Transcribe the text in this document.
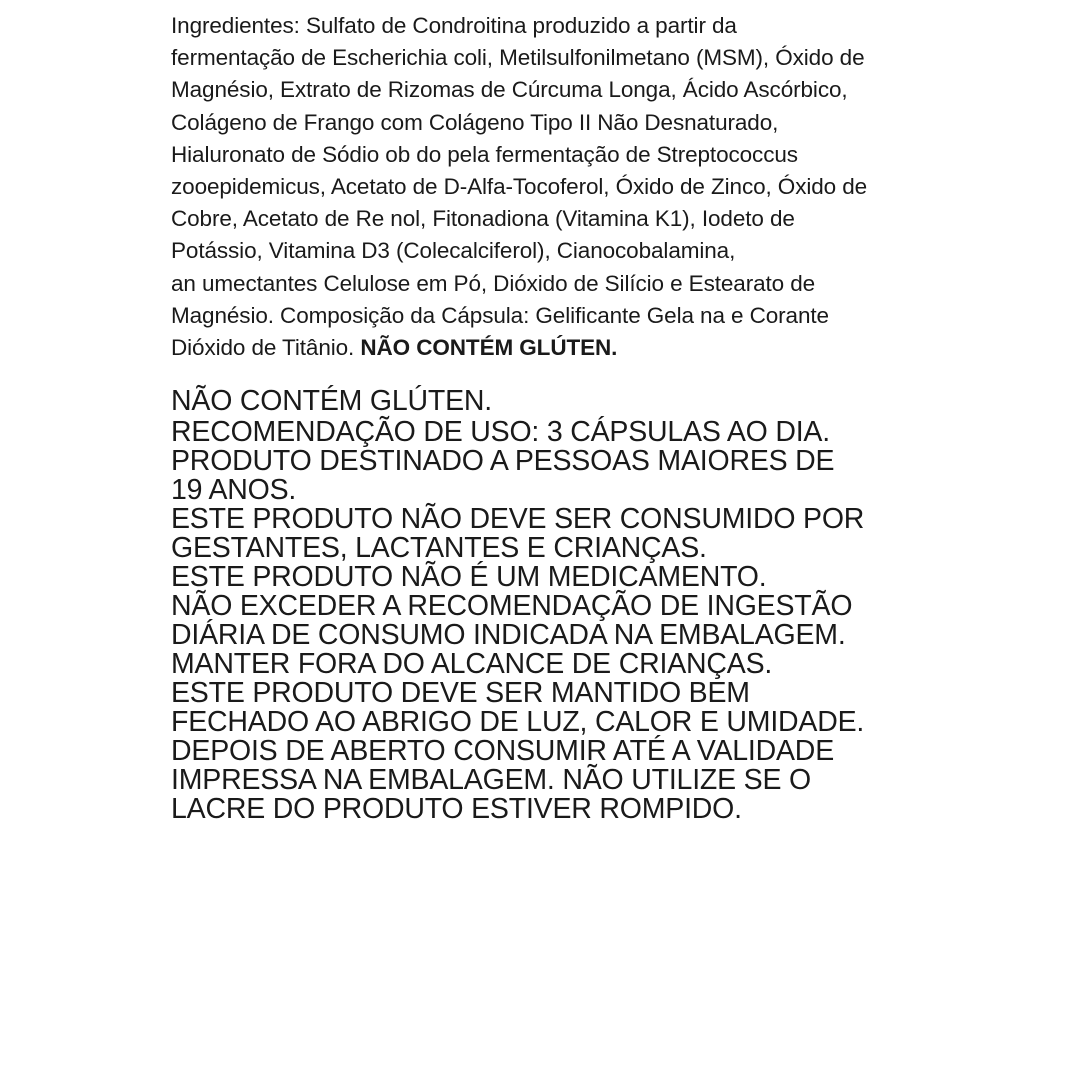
Ingredientes: Sulfato de Condroitina produzido a partir da
fermentação de Escherichia coli, Metilsulfonilmetano (MSM), Óxido de
Magnésio, Extrato de Rizomas de Cúrcuma Longa, Ácido Ascórbico,
Colágeno de Frango com Colágeno Tipo II Não Desnaturado,
Hialuronato de Sódio ob do pela fermentação de Streptococcus
zooepidemicus, Acetato de D-Alfa-Tocoferol, Óxido de Zinco, Óxido de
Cobre, Acetato de Re nol, Fitonadiona (Vitamina K1), Iodeto de
Potássio, Vitamina D3 (Colecalciferol), Cianocobalamina,
an umectantes Celulose em Pó, Dióxido de Silício e Estearato de
Magnésio. Composição da Cápsula: Gelificante Gela na e Corante
Dióxido de Titânio. NÃO CONTÉM GLÚTEN.
NÃO CONTÉM GLÚTEN.
RECOMENDAÇÃO DE USO: 3 CÁPSULAS AO DIA.
PRODUTO DESTINADO A PESSOAS MAIORES DE
19 ANOS.
ESTE PRODUTO NÃO DEVE SER CONSUMIDO POR
GESTANTES, LACTANTES E CRIANÇAS.
ESTE PRODUTO NÃO É UM MEDICAMENTO.
NÃO EXCEDER A RECOMENDAÇÃO DE INGESTÃO
DIÁRIA DE CONSUMO INDICADA NA EMBALAGEM.
MANTER FORA DO ALCANCE DE CRIANÇAS.
ESTE PRODUTO DEVE SER MANTIDO BEM
FECHADO AO ABRIGO DE LUZ, CALOR E UMIDADE.
DEPOIS DE ABERTO CONSUMIR ATÉ A VALIDADE
IMPRESSA NA EMBALAGEM. NÃO UTILIZE SE O
LACRE DO PRODUTO ESTIVER ROMPIDO.
